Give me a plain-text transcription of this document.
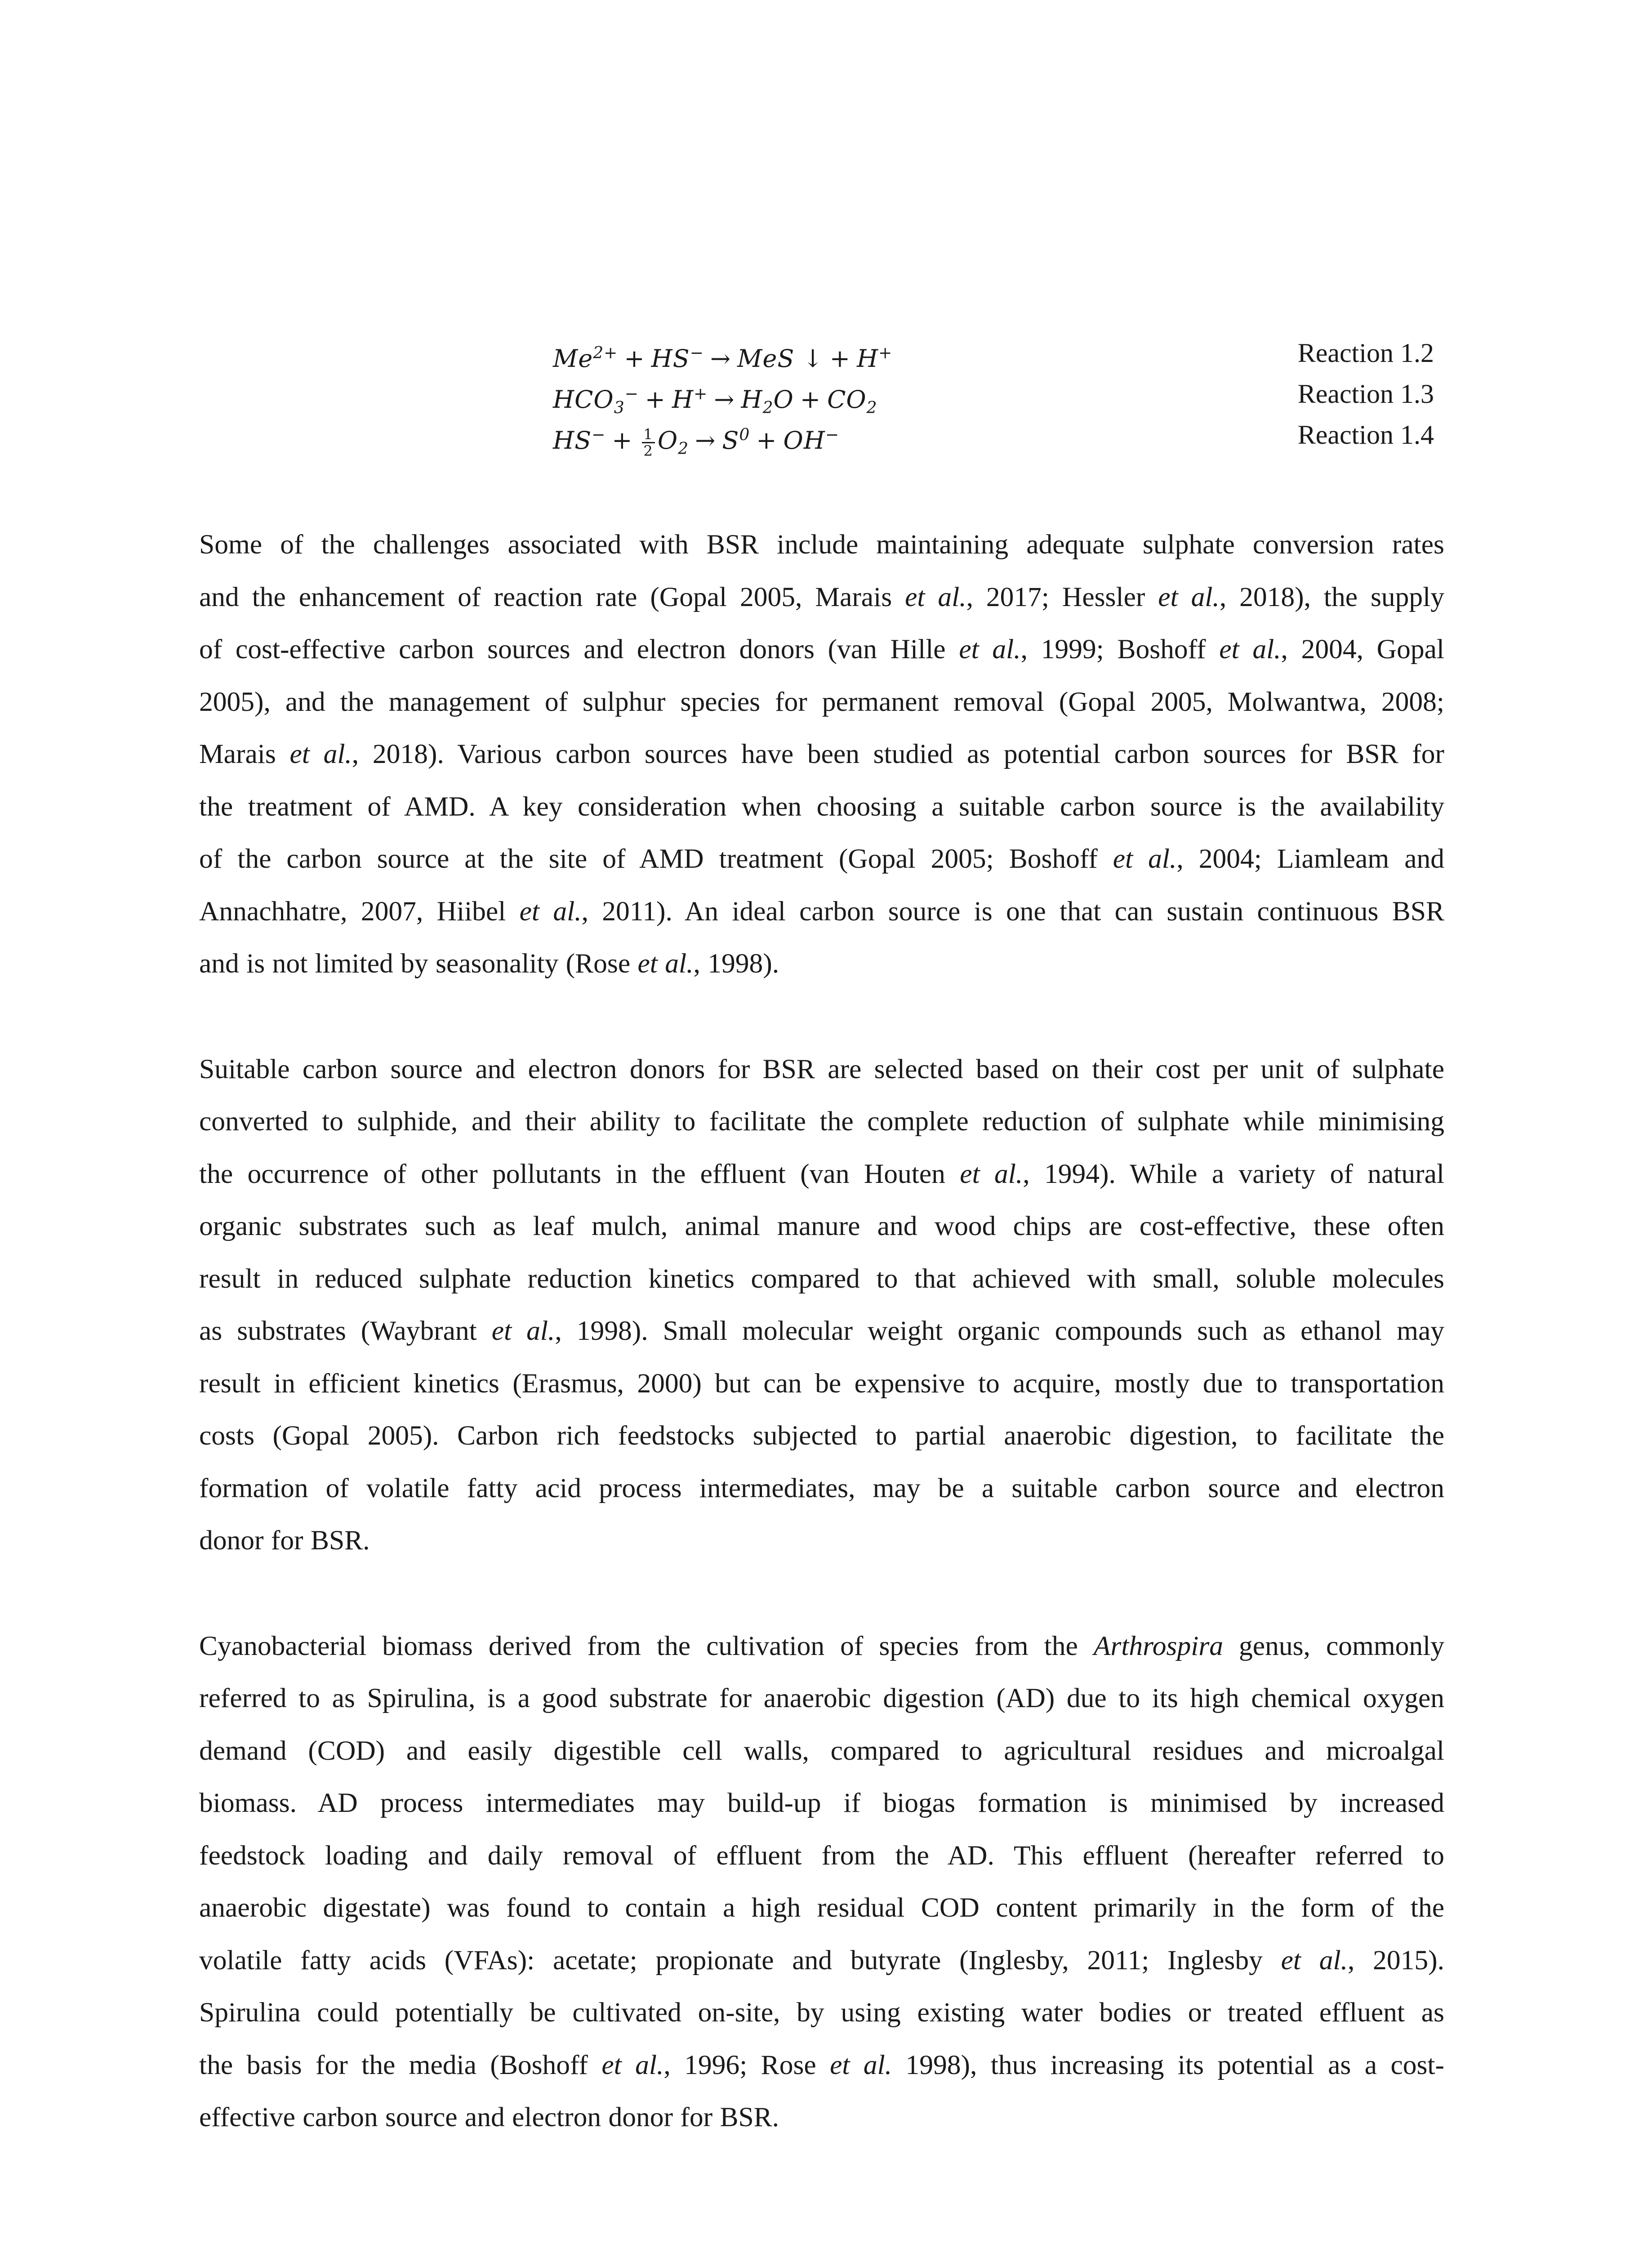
$Me^{2+} + HS^-$ → MeS ↓ + H+	Reaction 1.2
$HCO_3^- + H^+ \to H_2O + CO_2$	Reaction 1.3
$HS^- + \frac{1}{2} O_2 \to S^0 + OH^-$	Reaction 1.4

Some of the challenges associated with BSR include maintaining adequate sulphate conversion rates
and the enhancement of reaction rate (Gopal 2005, Marais et al., 2017; Hessler et al., 2018), the supply
of cost-effective carbon sources and electron donors (van Hille et al., 1999; Boshoff et al., 2004, Gopal
2005), and the management of sulphur species for permanent removal (Gopal 2005, Molwantwa, 2008;
Marais et al., 2018). Various carbon sources have been studied as potential carbon sources for BSR for
the treatment of AMD. A key consideration when choosing a suitable carbon source is the availability
of the carbon source at the site of AMD treatment (Gopal 2005; Boshoff et al., 2004; Liamleam and
Annachhatre, 2007, Hiibel et al., 2011). An ideal carbon source is one that can sustain continuous BSR
and is not limited by seasonality (Rose et al., 1998).

Suitable carbon source and electron donors for BSR are selected based on their cost per unit of sulphate
converted to sulphide, and their ability to facilitate the complete reduction of sulphate while minimising
the occurrence of other pollutants in the effluent (van Houten et al., 1994). While a variety of natural
organic substrates such as leaf mulch, animal manure and wood chips are cost-effective, these often
result in reduced sulphate reduction kinetics compared to that achieved with small, soluble molecules
as substrates (Waybrant et al., 1998). Small molecular weight organic compounds such as ethanol may
result in efficient kinetics (Erasmus, 2000) but can be expensive to acquire, mostly due to transportation
costs (Gopal 2005). Carbon rich feedstocks subjected to partial anaerobic digestion, to facilitate the
formation of volatile fatty acid process intermediates, may be a suitable carbon source and electron
donor for BSR.

Cyanobacterial biomass derived from the cultivation of species from the Arthrospira genus, commonly
referred to as Spirulina, is a good substrate for anaerobic digestion (AD) due to its high chemical oxygen
demand (COD) and easily digestible cell walls, compared to agricultural residues and microalgal
biomass. AD process intermediates may build-up if biogas formation is minimised by increased
feedstock loading and daily removal of effluent from the AD. This effluent (hereafter referred to
anaerobic digestate) was found to contain a high residual COD content primarily in the form of the
volatile fatty acids (VFAs): acetate; propionate and butyrate (Inglesby, 2011; Inglesby et al., 2015).
Spirulina could potentially be cultivated on-site, by using existing water bodies or treated effluent as
the basis for the media (Boshoff et al., 1996; Rose et al. 1998), thus increasing its potential as a cost-
effective carbon source and electron donor for BSR.
